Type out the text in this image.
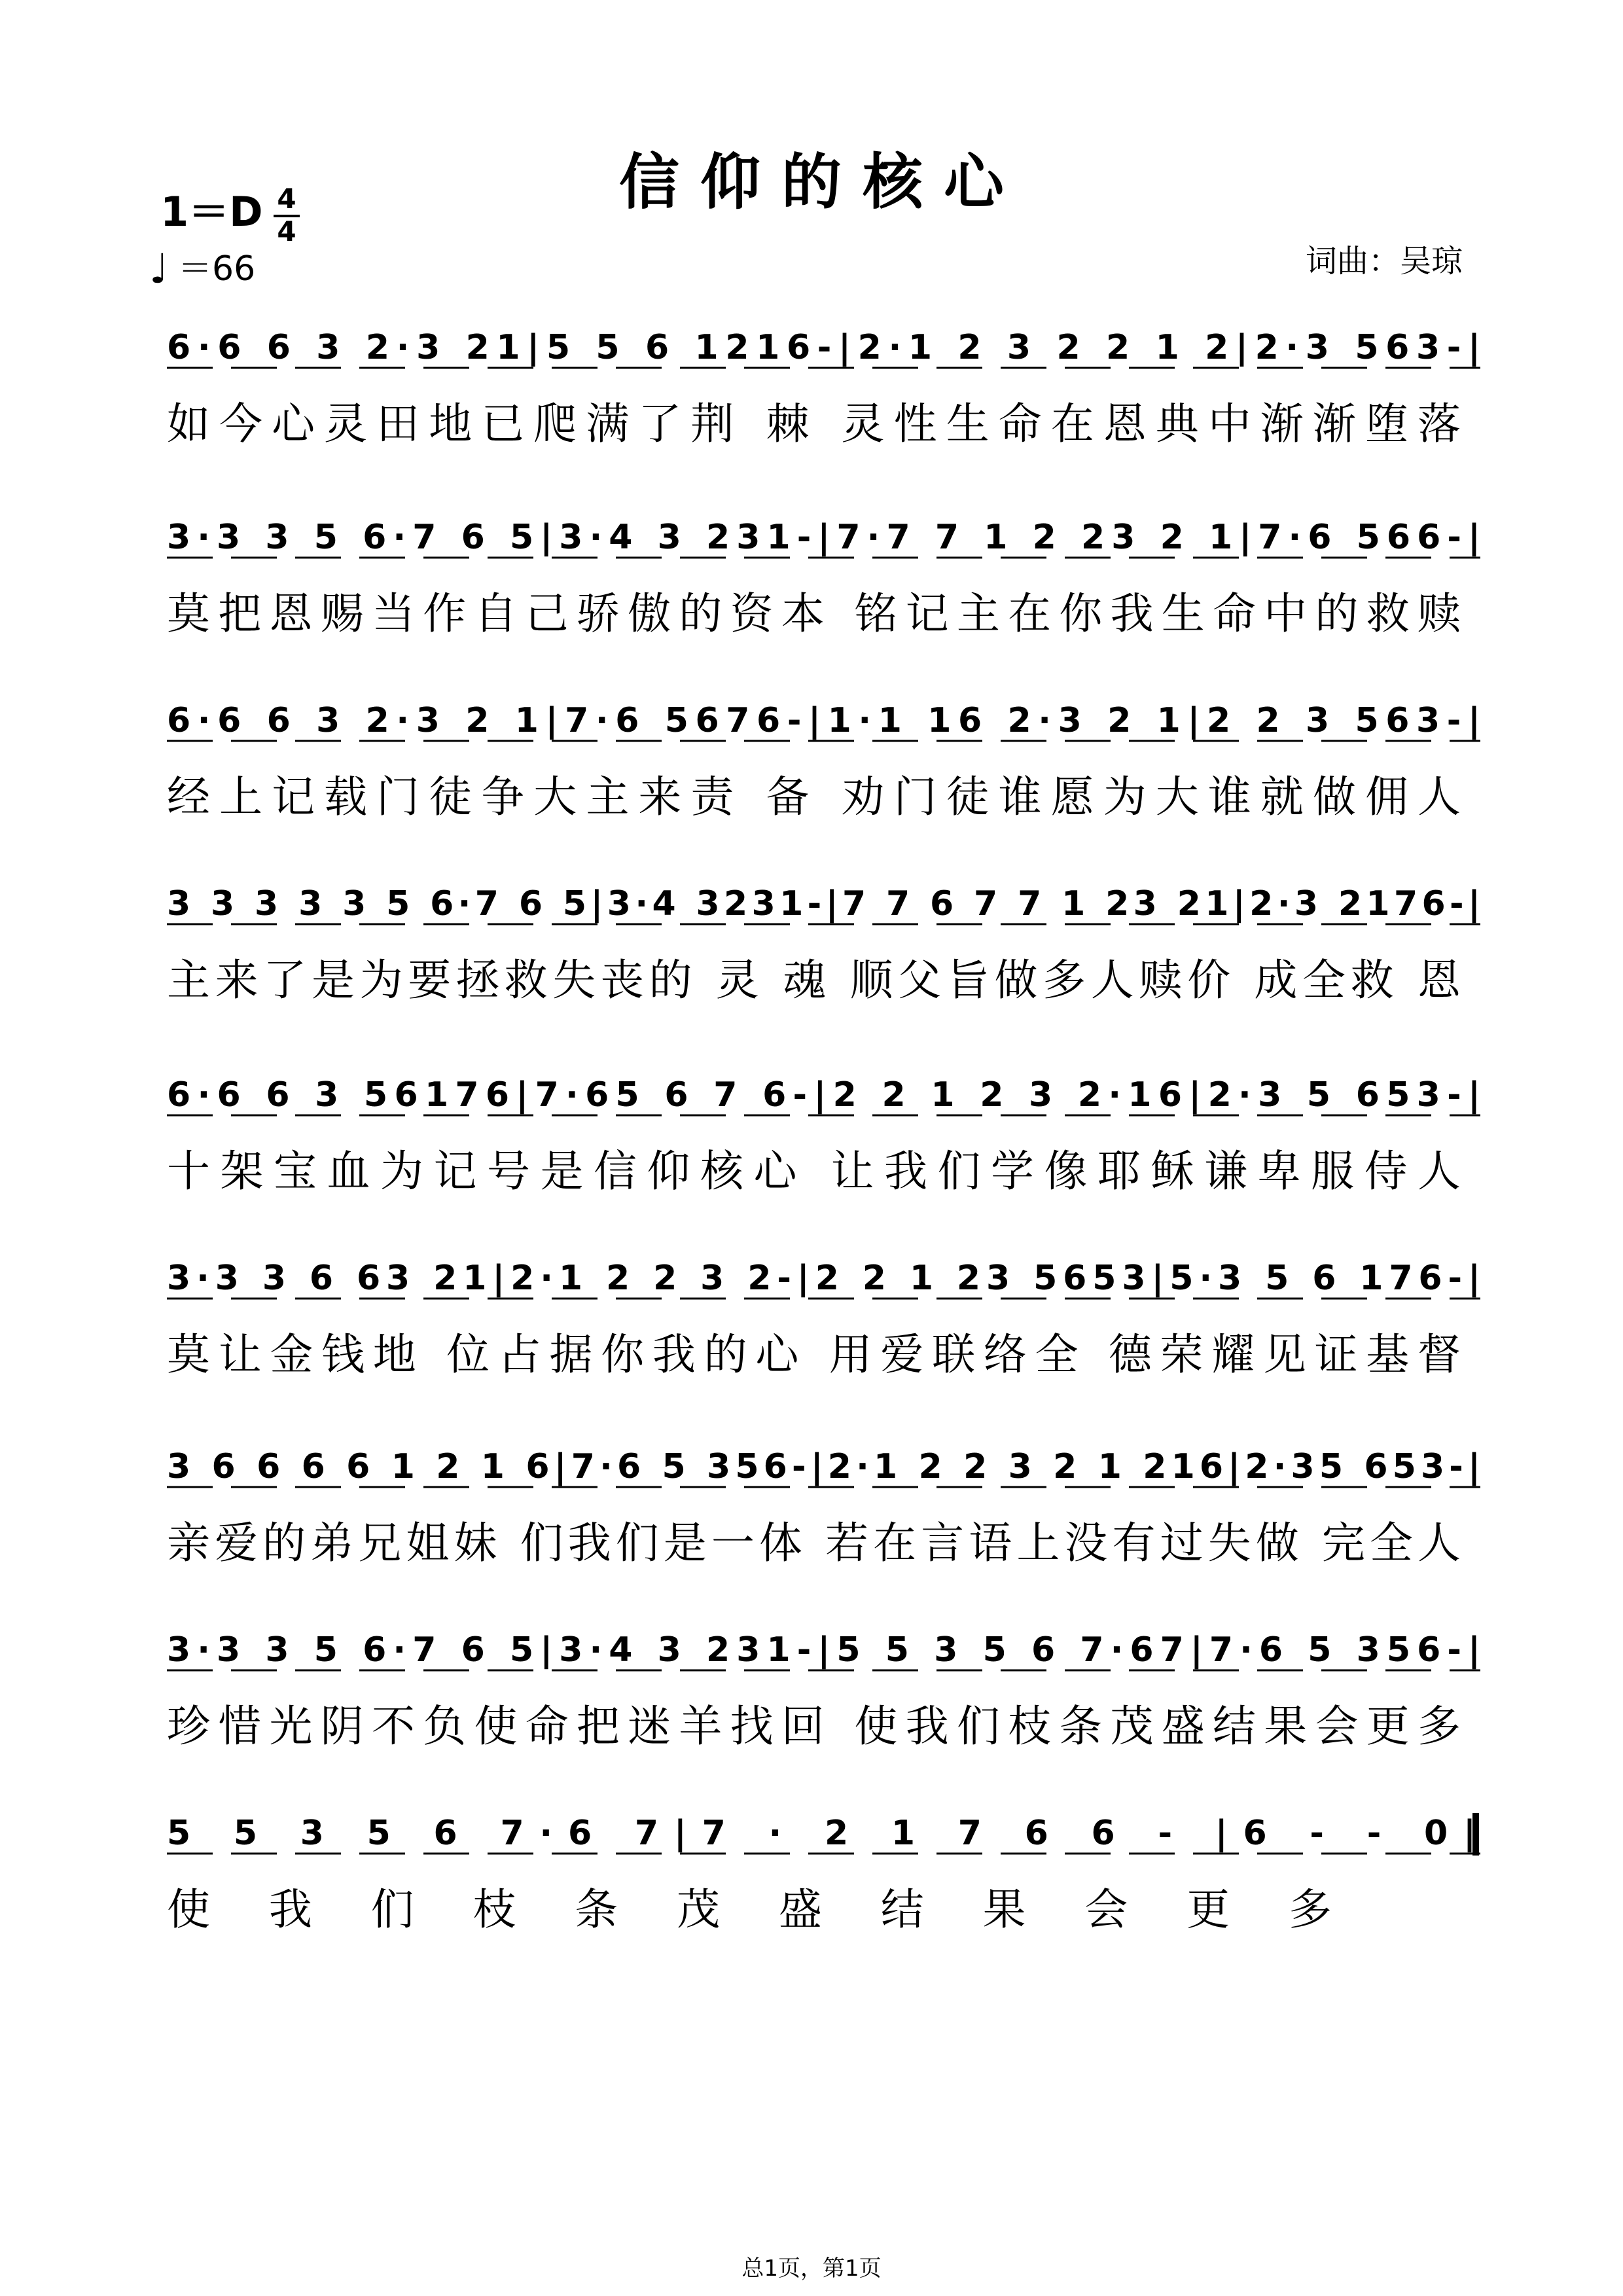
信 仰 的 核 心
1＝D 4
4
♩ ＝66	词曲：吴琼
6·6 6 3 2·3 21|5 5 6 1216-|2·1 2 3 2 2 1 2|2·3 563-|
3·3 3 5 6·7 6 5|3·4 3 231-|7·7 7 1 2 23 2 1|7·6 566-|
6·6 6 3 2·3 2 1|7·6 5676-|1·1 16 2·3 2 1|2 2 3 563-|
3 3 3 3 3 5 6·7 6 5|3·4 3231-|7 7 6 7 7 1 23 21|2·3 2176-|
6·6 6 3 56176|7·65 6 7 6-|2 2 1 2 3 2·16|2·3 5 653-|
3·3 3 6 63 21|2·1 2 2 3 2-|2 2 1 23 5653|5·3 5 6 176-|
3 6 6 6 6 1 2 1 6|7·6 5 356-|2·1 2 2 3 2 1 216|2·35 653-|
3·3 3 5 6·7 6 5|3·4 3 231-|5 5 3 5 6 7·67|7·6 5 356-|
5 5 3 5 6 7·6 7|7 · 2 1 7 6 6 - |6 - - 0‖
如今心灵田地已爬满了荆 棘 灵性生命在恩典中渐渐堕落
莫把恩赐当作自己骄傲的资本 铭记主在你我生命中的救赎
经上记载门徒争大主来责 备 劝门徒谁愿为大谁就做佣人
主来了是为要拯救失丧的 灵 魂 顺父旨做多人赎价 成全救 恩
十架宝血为记号是信仰核心 让我们学像耶稣谦卑服侍人
莫让金钱地 位占据你我的心 用爱联络全 德荣耀见证基督
亲爱的弟兄姐妹 们我们是一体 若在言语上没有过失做 完全人
珍惜光阴不负使命把迷羊找回 使我们枝条茂盛结果会更多
使 我 们 枝 条 茂 盛 结 果 会 更 多
总1页，第1页
